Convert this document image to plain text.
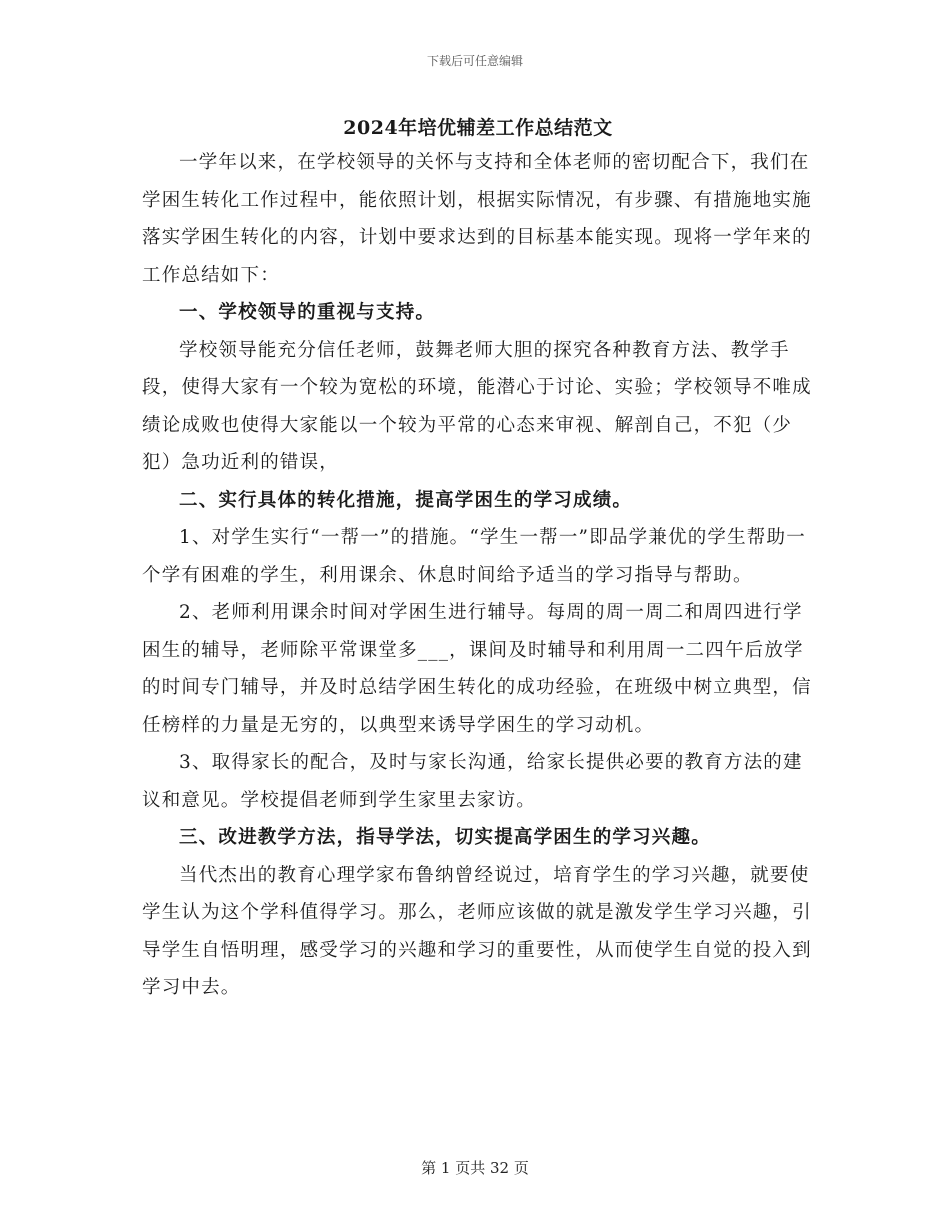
下载后可任意编辑
2024年培优辅差工作总结范文

一学年以来，在学校领导的关怀与支持和全体老师的密切配合下，我们在学困生转化工作过程中，能依照计划，根据实际情况，有步骤、有措施地实施落实学困生转化的内容，计划中要求达到的目标基本能实现。现将一学年来的工作总结如下：

一、学校领导的重视与支持。

学校领导能充分信任老师，鼓舞老师大胆的探究各种教育方法、教学手段，使得大家有一个较为宽松的环境，能潜心于讨论、实验；学校领导不唯成绩论成败也使得大家能以一个较为平常的心态来审视、解剖自己，不犯（少犯）急功近利的错误，

二、实行具体的转化措施，提高学困生的学习成绩。

1、对学生实行“一帮一”的措施。“学生一帮一”即品学兼优的学生帮助一个学有困难的学生，利用课余、休息时间给予适当的学习指导与帮助。

2、老师利用课余时间对学困生进行辅导。每周的周一周二和周四进行学困生的辅导，老师除平常课堂多___，课间及时辅导和利用周一二四午后放学的时间专门辅导，并及时总结学困生转化的成功经验，在班级中树立典型，信任榜样的力量是无穷的，以典型来诱导学困生的学习动机。

3、取得家长的配合，及时与家长沟通，给家长提供必要的教育方法的建议和意见。学校提倡老师到学生家里去家访。

三、改进教学方法，指导学法，切实提高学困生的学习兴趣。

当代杰出的教育心理学家布鲁纳曾经说过，培育学生的学习兴趣，就要使学生认为这个学科值得学习。那么，老师应该做的就是激发学生学习兴趣，引导学生自悟明理，感受学习的兴趣和学习的重要性，从而使学生自觉的投入到学习中去。

第 1 页共 32 页
